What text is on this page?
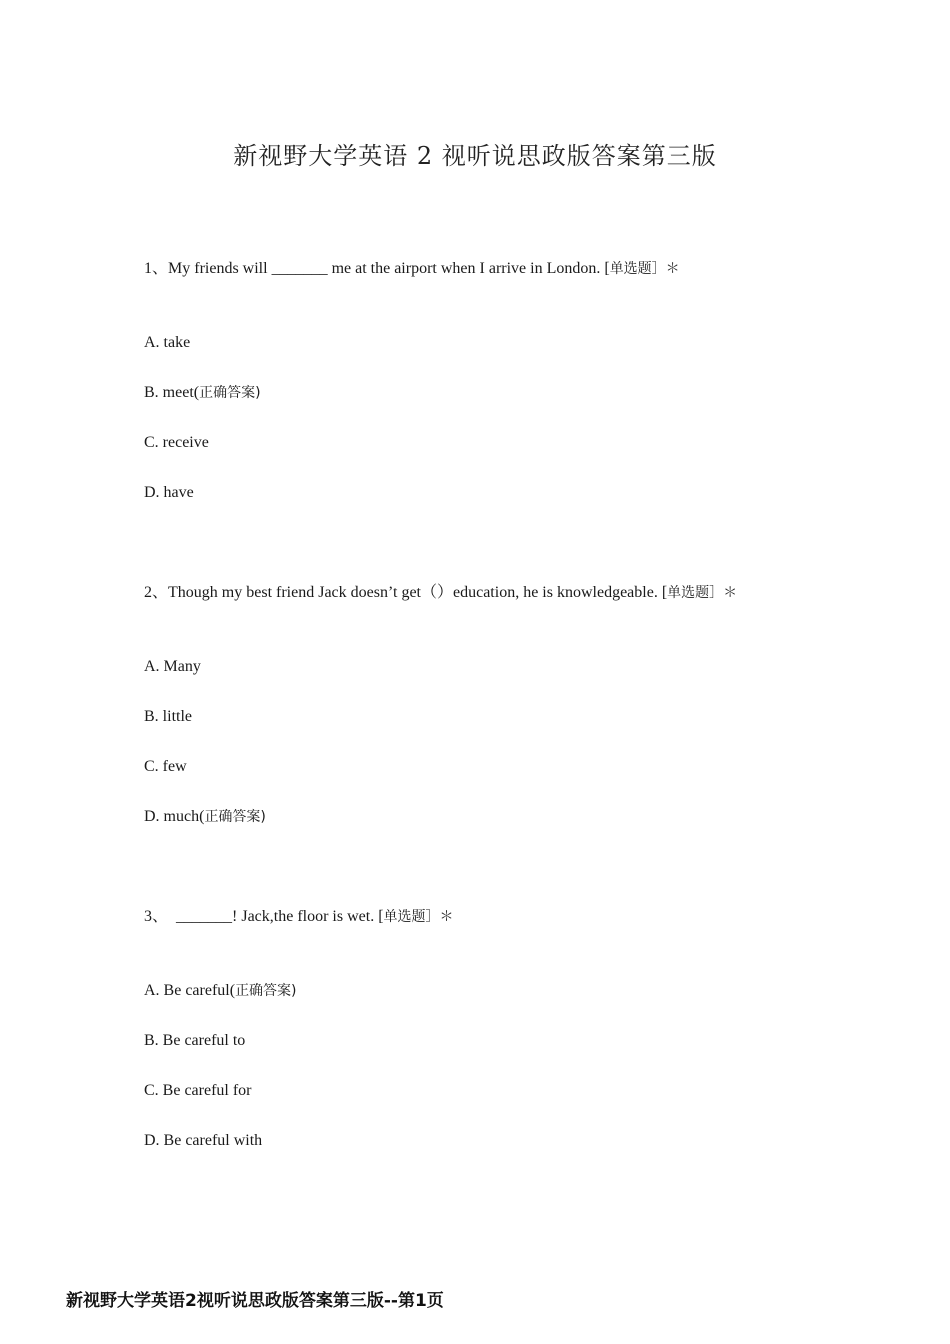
新视野大学英语 2 视听说思政版答案第三版
1、My friends will _______ me at the airport when I arrive in London. [单选题］＊
A. take
B. meet(正确答案)
C. receive
D. have
2、Though my best friend Jack doesn’t get（）education, he is knowledgeable. [单选题］＊
A. Many
B. little
C. few
D. much(正确答案)
3、  _______! Jack,the floor is wet. [单选题］＊
A. Be careful(正确答案)
B. Be careful to
C. Be careful for
D. Be careful with
新视野大学英语2视听说思政版答案第三版--第1页
